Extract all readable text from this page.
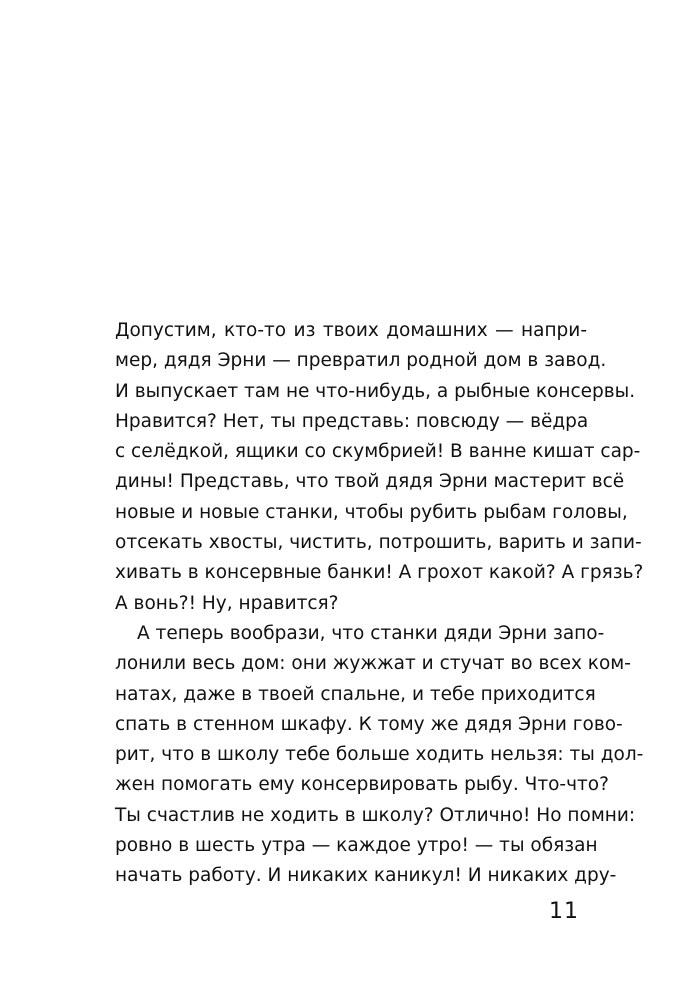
Допустим, кто-то из твоих домашних — напри-
мер, дядя Эрни — превратил родной дом в завод.
И выпускает там не что-нибудь, а рыбные консервы.
Нравится? Нет, ты представь: повсюду — вёдра
с селёдкой, ящики со скумбрией! В ванне кишат сар-
дины! Представь, что твой дядя Эрни мастерит всё
новые и новые станки, чтобы рубить рыбам головы,
отсекать хвосты, чистить, потрошить, варить и запи-
хивать в консервные банки! А грохот какой? А грязь?
А вонь?! Ну, нравится?
А теперь вообрази, что станки дяди Эрни запо-
лонили весь дом: они жужжат и стучат во всех ком-
натах, даже в твоей спальне, и тебе приходится
спать в стенном шкафу. К тому же дядя Эрни гово-
рит, что в школу тебе больше ходить нельзя: ты дол-
жен помогать ему консервировать рыбу. Что-что?
Ты счастлив не ходить в школу? Отлично! Но помни:
ровно в шесть утра — каждое утро! — ты обязан
начать работу. И никаких каникул! И никаких дру-
11
